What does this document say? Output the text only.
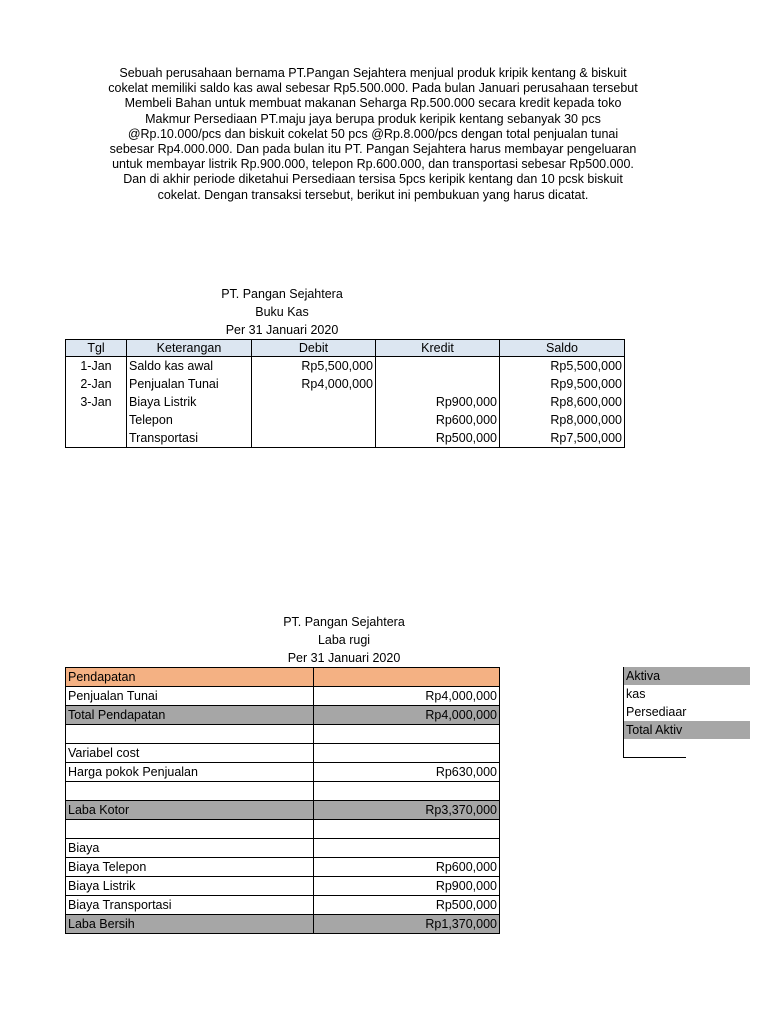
Sebuah perusahaan bernama PT.Pangan Sejahtera menjual produk kripik kentang & biskuit
cokelat memiliki saldo kas awal sebesar Rp5.500.000. Pada bulan Januari perusahaan tersebut
Membeli Bahan untuk membuat makanan Seharga Rp.500.000 secara kredit kepada toko
Makmur Persediaan PT.maju jaya berupa produk keripik kentang sebanyak 30 pcs
@Rp.10.000/pcs dan biskuit cokelat 50 pcs @Rp.8.000/pcs dengan total penjualan tunai
sebesar Rp4.000.000. Dan pada bulan itu PT. Pangan Sejahtera harus membayar pengeluaran
untuk membayar listrik Rp.900.000, telepon Rp.600.000, dan transportasi sebesar Rp500.000.
Dan di akhir periode diketahui Persediaan tersisa 5pcs keripik kentang dan 10 pcsk biskuit
cokelat. Dengan transaksi tersebut, berikut ini pembukuan yang harus dicatat.
PT. Pangan Sejahtera
Buku Kas
Per 31 Januari 2020
Tgl	Keterangan	Debit	Kredit	Saldo
1-Jan	Saldo kas awal	Rp5,500,000		Rp5,500,000
2-Jan	Penjualan Tunai	Rp4,000,000		Rp9,500,000
3-Jan	Biaya Listrik		Rp900,000	Rp8,600,000
	Telepon		Rp600,000	Rp8,000,000
	Transportasi		Rp500,000	Rp7,500,000
PT. Pangan Sejahtera
Laba rugi
Per 31 Januari 2020
Pendapatan	
Penjualan Tunai	Rp4,000,000
Total Pendapatan	Rp4,000,000

Variabel cost	
Harga pokok Penjualan	Rp630,000

Laba Kotor	Rp3,370,000

Biaya	
Biaya Telepon	Rp600,000
Biaya Listrik	Rp900,000
Biaya Transportasi	Rp500,000
Laba Bersih	Rp1,370,000
Aktiva
kas
Persediaar
Total Aktiv
